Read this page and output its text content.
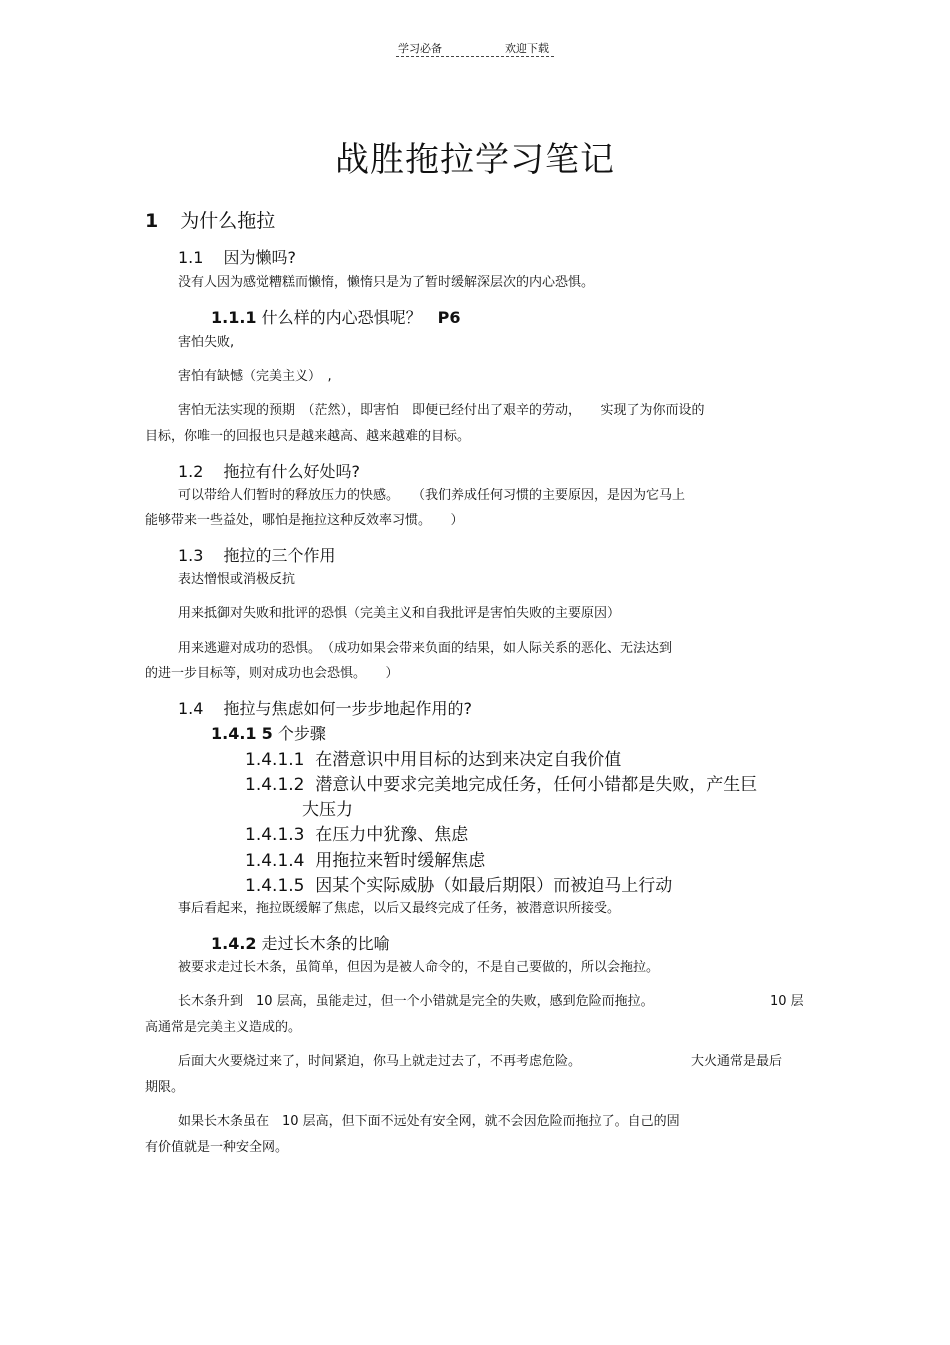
学习必备	欢迎下载
战胜拖拉学习笔记
1 为什么拖拉
1.1 因为懒吗?
没有人因为感觉糟糕而懒惰，懒惰只是为了暂时缓解深层次的内心恐惧。
1.1.1 什么样的内心恐惧呢？ P6
害怕失败,
害怕有缺憾（完美主义）　,
害怕无法实现的预期　（茫然），即害怕　即便已经付出了艰辛的劳动，　　实现了为你而设的
目标，你唯一的回报也只是越来越高、越来越难的目标。
1.2 拖拉有什么好处吗?
可以带给人们暂时的释放压力的快感。　　（我们养成任何习惯的主要原因，是因为它马上
能够带来一些益处，哪怕是拖拉这种反效率习惯。　　）
1.3 拖拉的三个作用
表达憎恨或消极反抗
用来抵御对失败和批评的恐惧（完美主义和自我批评是害怕失败的主要原因）
用来逃避对成功的恐惧。　（成功如果会带来负面的结果，如人际关系的恶化、无法达到
的进一步目标等，则对成功也会恐惧。　　）
1.4 拖拉与焦虑如何一步步地起作用的?
1.4.1 5 个步骤
1.4.1.1 在潜意识中用目标的达到来决定自我价值
1.4.1.2 潜意认中要求完美地完成任务，任何小错都是失败，产生巨
大压力
1.4.1.3 在压力中犹豫、焦虑
1.4.1.4 用拖拉来暂时缓解焦虑
1.4.1.5 因某个实际威胁（如最后期限）而被迫马上行动
事后看起来，拖拉既缓解了焦虑，以后又最终完成了任务，被潜意识所接受。
1.4.2 走过长木条的比喻
被要求走过长木条，虽简单，但因为是被人命令的，不是自己要做的，所以会拖拉。
长木条升到　10 层高，虽能走过，但一个小错就是完全的失败，感到危险而拖拉。	10 层
高通常是完美主义造成的。
后面大火要烧过来了，时间紧迫，你马上就走过去了，不再考虑危险。	大火通常是最后
期限。
如果长木条虽在　10 层高，但下面不远处有安全网，就不会因危险而拖拉了。自己的固
有价值就是一种安全网。
